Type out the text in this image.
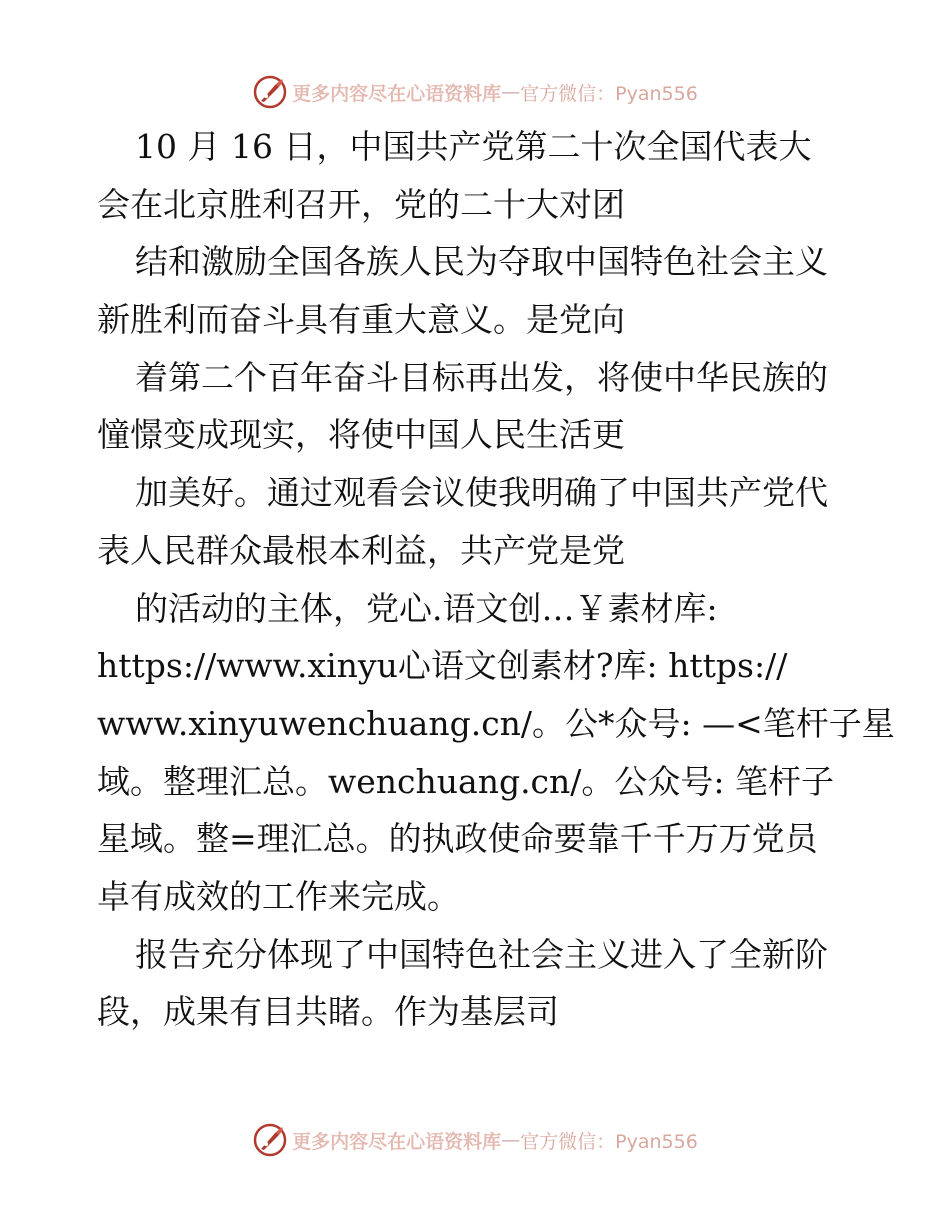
更多内容尽在心语资料库 — 官方微信：Pyan556
10 月 16 日，中国共产党第二十次全国代表大
会在北京胜利召开，党的二十大对团
结和激励全国各族人民为夺取中国特色社会主义
新胜利而奋斗具有重大意义。是党向
着第二个百年奋斗目标再出发，将使中华民族的
憧憬变成现实，将使中国人民生活更
加美好。通过观看会议使我明确了中国共产党代
表人民群众最根本利益，共产党是党
的活动的主体，党心.语文创…￥素材库:
https://www.xinyu心语文创素材?库: https://
www.xinyuwenchuang.cn/。公*众号: —<笔杆子星
域。整理汇总。wenchuang.cn/。公众号: 笔杆子
星域。整=理汇总。的执政使命要靠千千万万党员
卓有成效的工作来完成。
报告充分体现了中国特色社会主义进入了全新阶
段，成果有目共睹。作为基层司
更多内容尽在心语资料库 — 官方微信：Pyan556
